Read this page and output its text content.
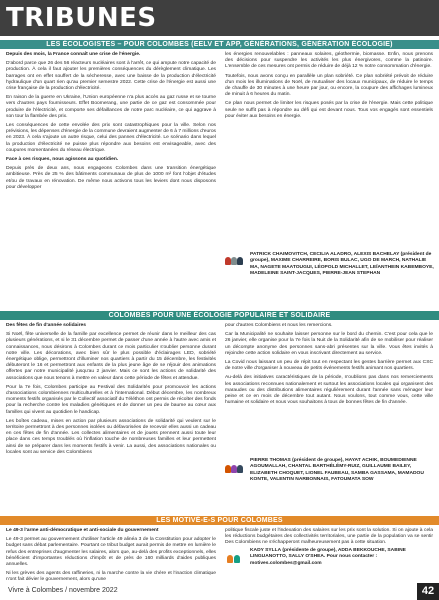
TRIBUNES
LES ÉCOLOGISTES – POUR COLOMBES (EELV ET APP, GÉNÉRATIONS, GÉNÉRATION ÉCOLOGIE)

Depuis des mois, la France connaît une crise de l'énergie.

D'abord parce que 26 des 56 réacteurs nucléaires sont à l'arrêt, ce qui ampute notre capacité de production. À cela il faut ajouter les premières conséquences du dérèglement climatique. Les barrages ont en effet souffert de la sécheresse, avec une baisse de la production d'électricité hydraulique d'un quart rien qu'au premier semestre 2022. Cette crise de l'énergie est aussi une crise française de la production d'électricité.

En raison de la guerre en Ukraine, l'Union européenne n'a plus accès au gaz russe et se tourne vers d'autres pays fournisseurs. Effet Boomerang, une partie de ce gaz est consommée pour produire de l'électricité, et comporte ses défaillances de notre parc nucléaire, ce qui aggrave à son tour la flambée des prix.

Les conséquences de cette envolée des prix sont catastrophiques pour la ville. Selon nos prévisions, les dépenses d'énergie de la commune devraient augmenter de 6 à 7 millions d'euros en 2023. À cela s'ajoute un autre risque, celui des pannes d'électricité. Le scénario dans lequel la production d'électricité ne puisse plus répondre aux besoins est envisageable, avec des coupures momentanées du réseau électrique.

Face à ces risques, nous agissons au quotidien.

Depuis près de deux ans, nous engageons Colombes dans une transition énergétique ambitieuse. Près de 25 % des bâtiments communaux de plus de 1000 m² font l'objet d'études et/ou de travaux en rénovation. De même nous activons tous les leviers dont nous disposons pour développer

les énergies renouvelables : panneaux solaires, géothermie, biomasse. Enfin, nous prenons des décisions pour suspendre les activités les plus énergivores, comme la patinoire. L'ensemble de ces mesures ont permis de réduire de déjà 12 % notre consommation d'énergie.

Toutefois, nous avons conçu en parallèle un plan sobriété. Ce plan sobriété prévoit de réduire d'un mois les illuminations de Noël, de mutualiser des locaux municipaux, de réduire le temps de chauffe de 30 minutes à une heure par jour, ou encore, la coupure des affichages lumineux de minuit à 6 heures du matin.

Ce plan nous permet de limiter les risques posés par la crise de l'énergie. Mais cette politique seule ne suffit pas à répondre au défi qui est devant nous. Tous vos engagés sont essentiels pour éviter aux besoins en énergie.

PATRICK CHAIMOVITCH, CECILIA ALADRO, ALEXIS BACHELAY (président de groupe), MAXIME CHARREIRE, BORIS BULAC, UGO DE MARCH, NATHALIE MA, NAGETE MAATOUGUI, LÉOPOLD MICHALLET, LEÏANTHEIN KABEMBOYE, MADELEINE SAINT-JACQUES, PIERRE-JEAN STEPHAN
COLOMBES POUR UNE ÉCOLOGIE POPULAIRE ET SOLIDAIRE

Des fêtes de fin d'année solidaires

Si Noël, fête universelle de la famille par excellence permet de réunir dans le meilleur des cas plusieurs générations, et si le 31 décembre permet de passer d'une année à l'autre avec amis et connaissances, nous désirons à Colombes durant ce mois particulier s'oublier personne durant notre ville. Les décorations, avec bien sûr le plus possible d'éclairages LED, sobriété énergétique oblige, permettront d'illuminer nos quartiers à partir du 15 décembre, les festivités débuteront le 16 et permettront aux enfants de la plus jeune âge de se réjouir des animations offertes par notre municipalité jusqu'au 2 janvier. Mais ce sont les actions de solidarité des associations que nous tenons à mettre en valeur dans cette période de fêtes et attendue.

Pour la 7e fois, Colombes participe au Festival des Solidarités pour promouvoir les actions d'associations colombiennes multiculturelles et à l'international. Début décembre, les nombreux moments festifs organisés par le Collectif associatif du Téléthon ont permis de récolter des fonds pour la recherche contre les maladies génétiques et de donner un peu de baume au cœur aux familles qui vivent au quotidien le handicap.

Les boîtes cadeau, mises en action par plusieurs associations de solidarité qui veulent sur le territoire permettront à des personnes isolées ou défavorisées de recevoir elles aussi un cadeau en ces fêtes de fin d'année. Les collectes alimentaires et de jouets prennent aussi toute leur place dans ces temps troublés où l'inflation touche de nombreuses familles et leur permettent ainsi de se préparer dans les moments festifs à venir. La aussi, des associations nationales ou locales sont au service des Colombiens

pour d'autres Colombiens et nous les remercions.

Car la Municipalité ne souhaite laisser personne sur le bord du chemin. C'est pour cela que le 26 janvier, elle organise pour la 7e fois la Nuit de la Solidarité afin de se mobiliser pour réaliser un décompte anonyme des personnes sans-abri présentes sur la ville. Vous êtes invités à rejoindre cette action solidaire en vous inscrivant directement au service.

La Covid nous laissant un peu de répit tout en respectant les gestes barrière permet aux CSC de notre ville d'organiser à nouveau de petits événements festifs animant nos quartiers.

Au-delà des initiatives caractéristiques de la période, n'oublions pas dans nos remerciements les associations reconnues nationalement et surtout les associations locales qui organisent des maraudes ou des distributions alimentaires régulièrement durant l'année sans ménager leur peine et ce en mois de décembre tout autant. Nous voulons, tout comme vous, cette ville humaine et solidaire et nous vous souhaitons à tous de bonnes fêtes de fin d'année.

PIERRE THOMAS (président de groupe), HAYAT ACHIK, BOUMEDIENNE AGOUMALLAH, CHANTAL BARTHÉLÉMY-RUIZ, GUILLAUME BAILEY, ELIZABETH CHOQUET, LIONEL FAUBEAU, SAMBA GASSAMA, MAMADOU KONTE, VALENTIN NARBONNAIS, FATOUMATA SOW
LES MOTIVÉ-E-S POUR COLOMBES

Le 49-3 l'arme anti-démocratique et anti-sociale du gouvernement

Le 49-3 permet au gouvernement d'utiliser l'article 49 alinéa 3 de la Constitution pour adopter le budget sans débat parlementaire. Pourtant ce tribut budget aurait permis de mettre en lumière le refus des entreprises d'augmenter les salaires, alors que, au-delà des profits exceptionnels, elles bénéficient d'importantes réductions d'impôt et de près de 160 milliards d'aides publiques annuelles.

Ni les grèves des agents des raffineries, ni la marche contre la vie chère et l'inaction climatique n'ont fait dévier le gouvernement, alors qu'une

politique fiscale juste et l'indexation des salaires sur les prix sont la solution. Si on ajoute à cela les réductions budgétaires des collectivités territoriales, une partie de la population va se sentir Des Colombiens ne s'échapperont malheureusement pas à cette situation.

KADY SYLLA (présidente de groupe), ADDA BEKKOUCHE, SABINE LINGUANOTTO, SALLY O'SHEA. Pour nous contacter : motives.colombes@gmail.com
Vivre à Colombes / novembre 2022	42
